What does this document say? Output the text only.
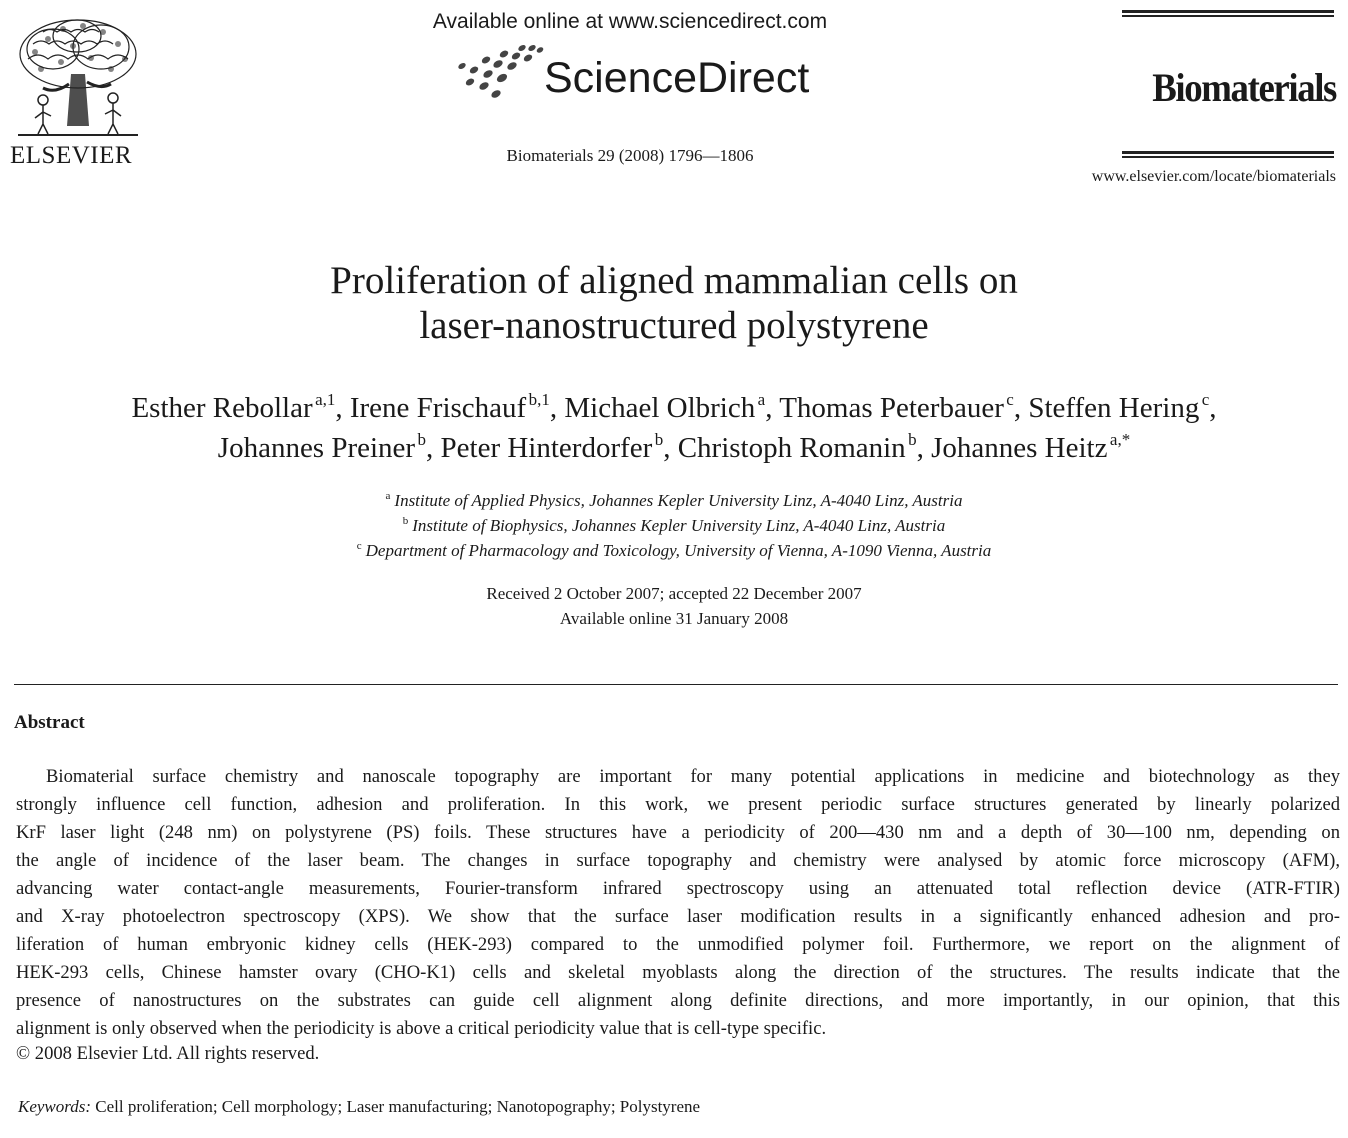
ELSEVIER
Available online at www.sciencedirect.com
ScienceDirect
Biomaterials 29 (2008) 1796—1806
Biomaterials
www.elsevier.com/locate/biomaterials
Proliferation of aligned mammalian cells on
laser-nanostructured polystyrene
Esther Rebollar  $^{a,1}$, Irene Frischauf  $^{b,1}$, Michael Olbrich  $^a$, Thomas Peterbauer  $^c$, Steffen Hering  $^c$,
Johannes Preiner  $^b$, Peter Hinterdorfer  $^b$, Christoph Romanin  $^b$, Johannes Heitz  $^{a,*}$
$^a$ Institute of Applied Physics, Johannes Kepler University Linz, A-4040 Linz, Austria
$^b$ Institute of Biophysics, Johannes Kepler University Linz, A-4040 Linz, Austria
$^c$ Department of Pharmacology and Toxicology, University of Vienna, A-1090 Vienna, Austria
Received 2 October 2007; accepted 22 December 2007
Available online 31 January 2008
Abstract
Biomaterial surface chemistry and nanoscale topography are important for many potential applications in medicine and biotechnology as they
strongly influence cell function, adhesion and proliferation. In this work, we present periodic surface structures generated by linearly polarized
KrF laser light (248 nm) on polystyrene (PS) foils. These structures have a periodicity of 200—430 nm and a depth of 30—100 nm, depending on
the angle of incidence of the laser beam. The changes in surface topography and chemistry were analysed by atomic force microscopy (AFM),
advancing water contact-angle measurements, Fourier-transform infrared spectroscopy using an attenuated total reflection device (ATR-FTIR)
and X-ray photoelectron spectroscopy (XPS). We show that the surface laser modification results in a significantly enhanced adhesion and pro-
liferation of human embryonic kidney cells (HEK-293) compared to the unmodified polymer foil. Furthermore, we report on the alignment of
HEK-293 cells, Chinese hamster ovary (CHO-K1) cells and skeletal myoblasts along the direction of the structures. The results indicate that the
presence of nanostructures on the substrates can guide cell alignment along definite directions, and more importantly, in our opinion, that this
alignment is only observed when the periodicity is above a critical periodicity value that is cell-type specific.
© 2008 Elsevier Ltd. All rights reserved.
Keywords: Cell proliferation; Cell morphology; Laser manufacturing; Nanotopography; Polystyrene
